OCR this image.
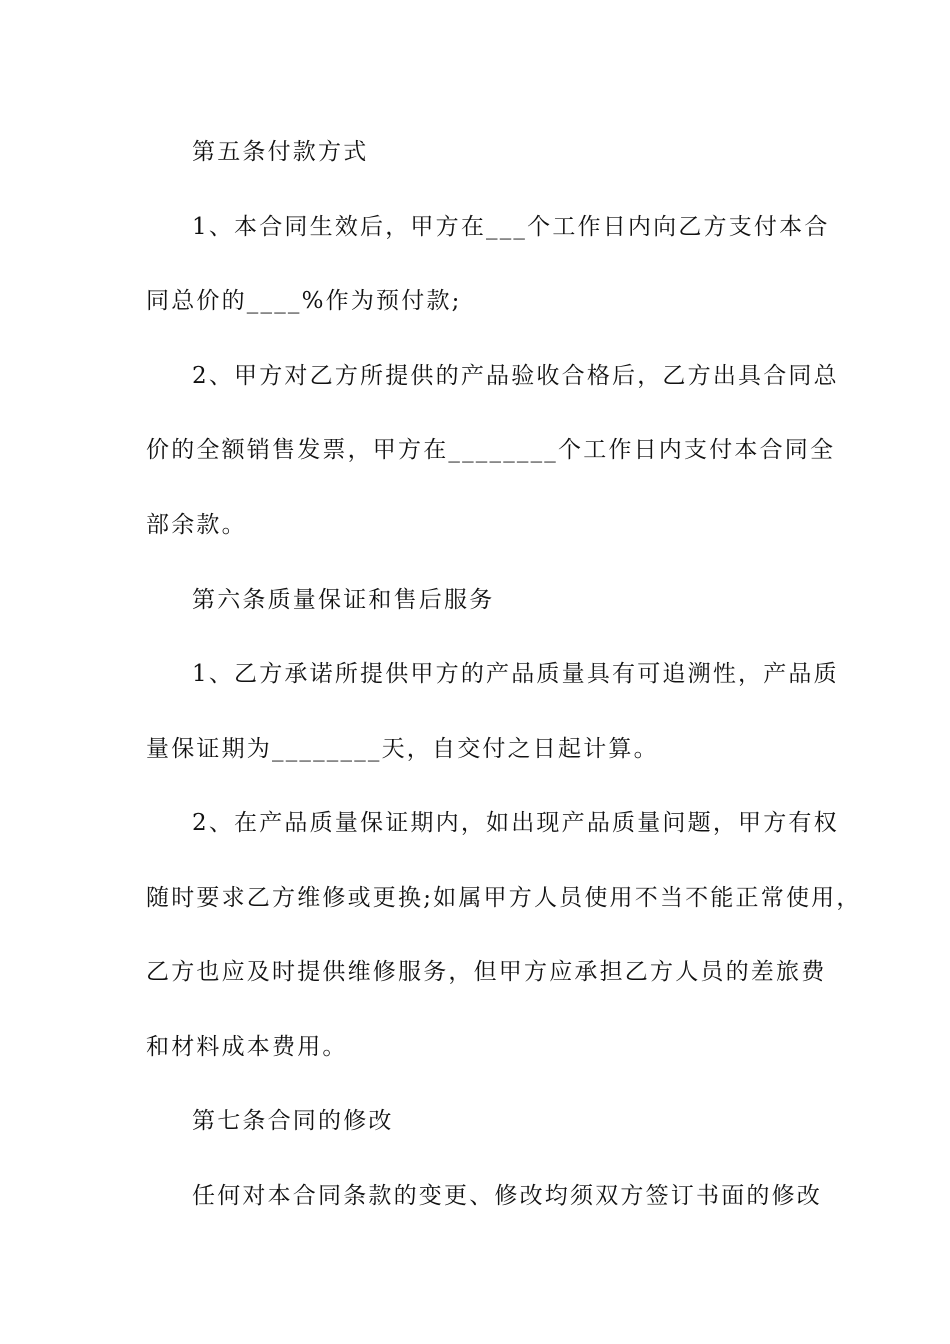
第五条付款方式

1、本合同生效后，甲方在___个工作日内向乙方支付本合

同总价的____%作为预付款;

2、甲方对乙方所提供的产品验收合格后，乙方出具合同总

价的全额销售发票，甲方在________个工作日内支付本合同全

部余款。

第六条质量保证和售后服务

1、乙方承诺所提供甲方的产品质量具有可追溯性，产品质

量保证期为________天，自交付之日起计算。

2、在产品质量保证期内，如出现产品质量问题，甲方有权

随时要求乙方维修或更换;如属甲方人员使用不当不能正常使用，

乙方也应及时提供维修服务，但甲方应承担乙方人员的差旅费

和材料成本费用。

第七条合同的修改

任何对本合同条款的变更、修改均须双方签订书面的修改
